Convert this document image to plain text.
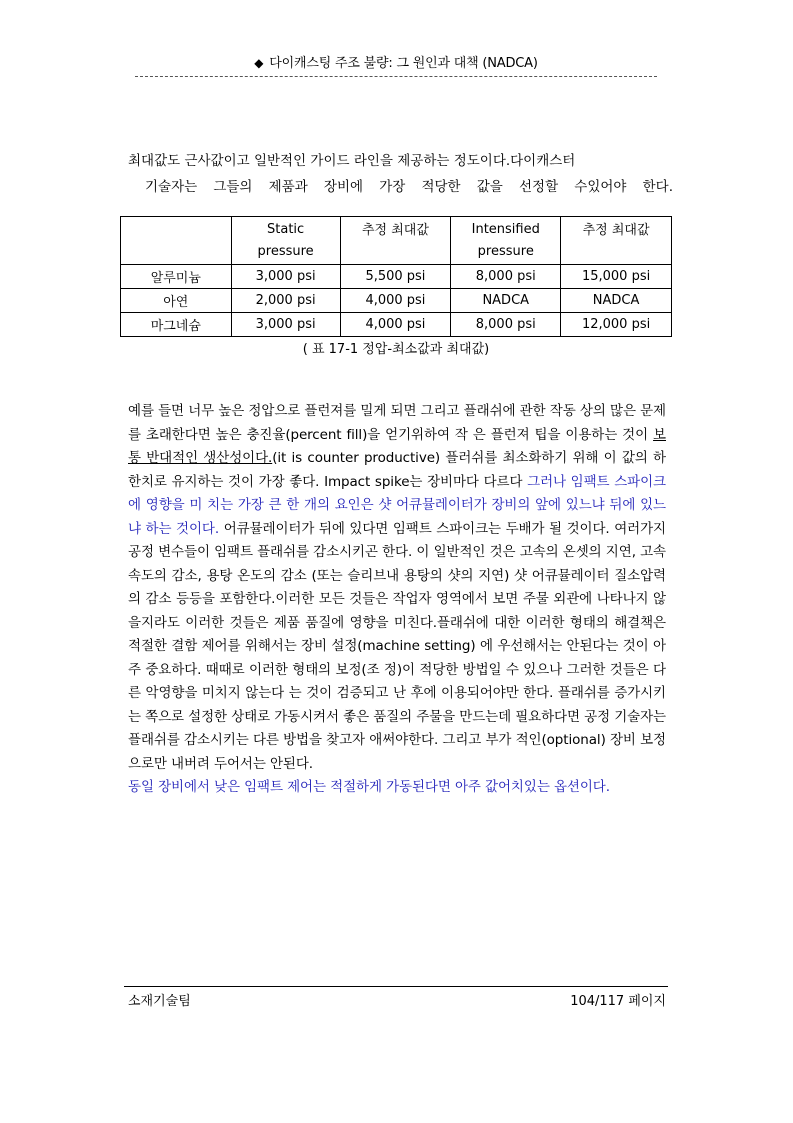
◆ 다이캐스팅 주조 불량: 그 원인과 대책 (NADCA)
최대값도 근사값이고 일반적인 가이드 라인을 제공하는 정도이다.다이캐스터
기술자는 그들의 제품과 장비에 가장 적당한 값을 선정할 수있어야 한다.
	Static pressure	추정 최대값	Intensified pressure	추정 최대값
알루미늄	3,000 psi	5,500 psi	8,000 psi	15,000 psi
아연	2,000 psi	4,000 psi	NADCA	NADCA
마그네슘	3,000 psi	4,000 psi	8,000 psi	12,000 psi
( 표 17-1 정압-최소값과 최대값)

예를 들면 너무 높은 정압으로 플런져를 밀게 되면 그리고 플래쉬에 관한 작동 상의 많은 문제를 초래한다면 높은 충진율(percent fill)을 얻기위하여 작 은 플런져 팁을 이용하는 것이 보통 반대적인 생산성이다.(it is counter productive) 플러쉬를 최소화하기 위해 이 값의 하한치로 유지하는 것이 가장 좋다. Impact spike는 장비마다 다르다 그러나 임팩트 스파이크에 영향을 미 치는 가장 큰 한 개의 요인은 샷 어큐뮬레이터가 장비의 앞에 있느냐 뒤에 있느냐 하는 것이다. 어큐뮬레이터가 뒤에 있다면 임팩트 스파이크는 두배가 될 것이다. 여러가지 공정 변수들이 임팩트 플래쉬를 감소시키곤 한다. 이 일반적인 것은 고속의 온셋의 지연, 고속 속도의 감소, 용탕 온도의 감소 (또는 슬리브내 용탕의 샷의 지연) 샷 어큐뮬레이터 질소압력의 감소 등등을 포함한다.이러한 모든 것들은 작업자 영역에서 보면 주물 외관에 나타나지 않을지라도 이러한 것들은 제품 품질에 영향을 미친다.플래쉬에 대한 이러한 형태의 해결책은 적절한 결함 제어를 위해서는 장비 설정(machine setting) 에 우선해서는 안된다는 것이 아주 중요하다. 때때로 이러한 형태의 보정(조 정)이 적당한 방법일 수 있으나 그러한 것들은 다른 악영향을 미치지 않는다 는 것이 검증되고 난 후에 이용되어야만 한다. 플래쉬를 증가시키는 쪽으로 설정한 상태로 가동시켜서 좋은 품질의 주물을 만드는데 필요하다면 공정 기술자는 플래쉬를 감소시키는 다른 방법을 찾고자 애써야한다. 그리고 부가 적인(optional) 장비 보정으로만 내버려 두어서는 안된다.

동일 장비에서 낮은 임팩트 제어는 적절하게 가동된다면 아주 값어치있는 옵션이다.

소재기술팀	104/117 페이지
